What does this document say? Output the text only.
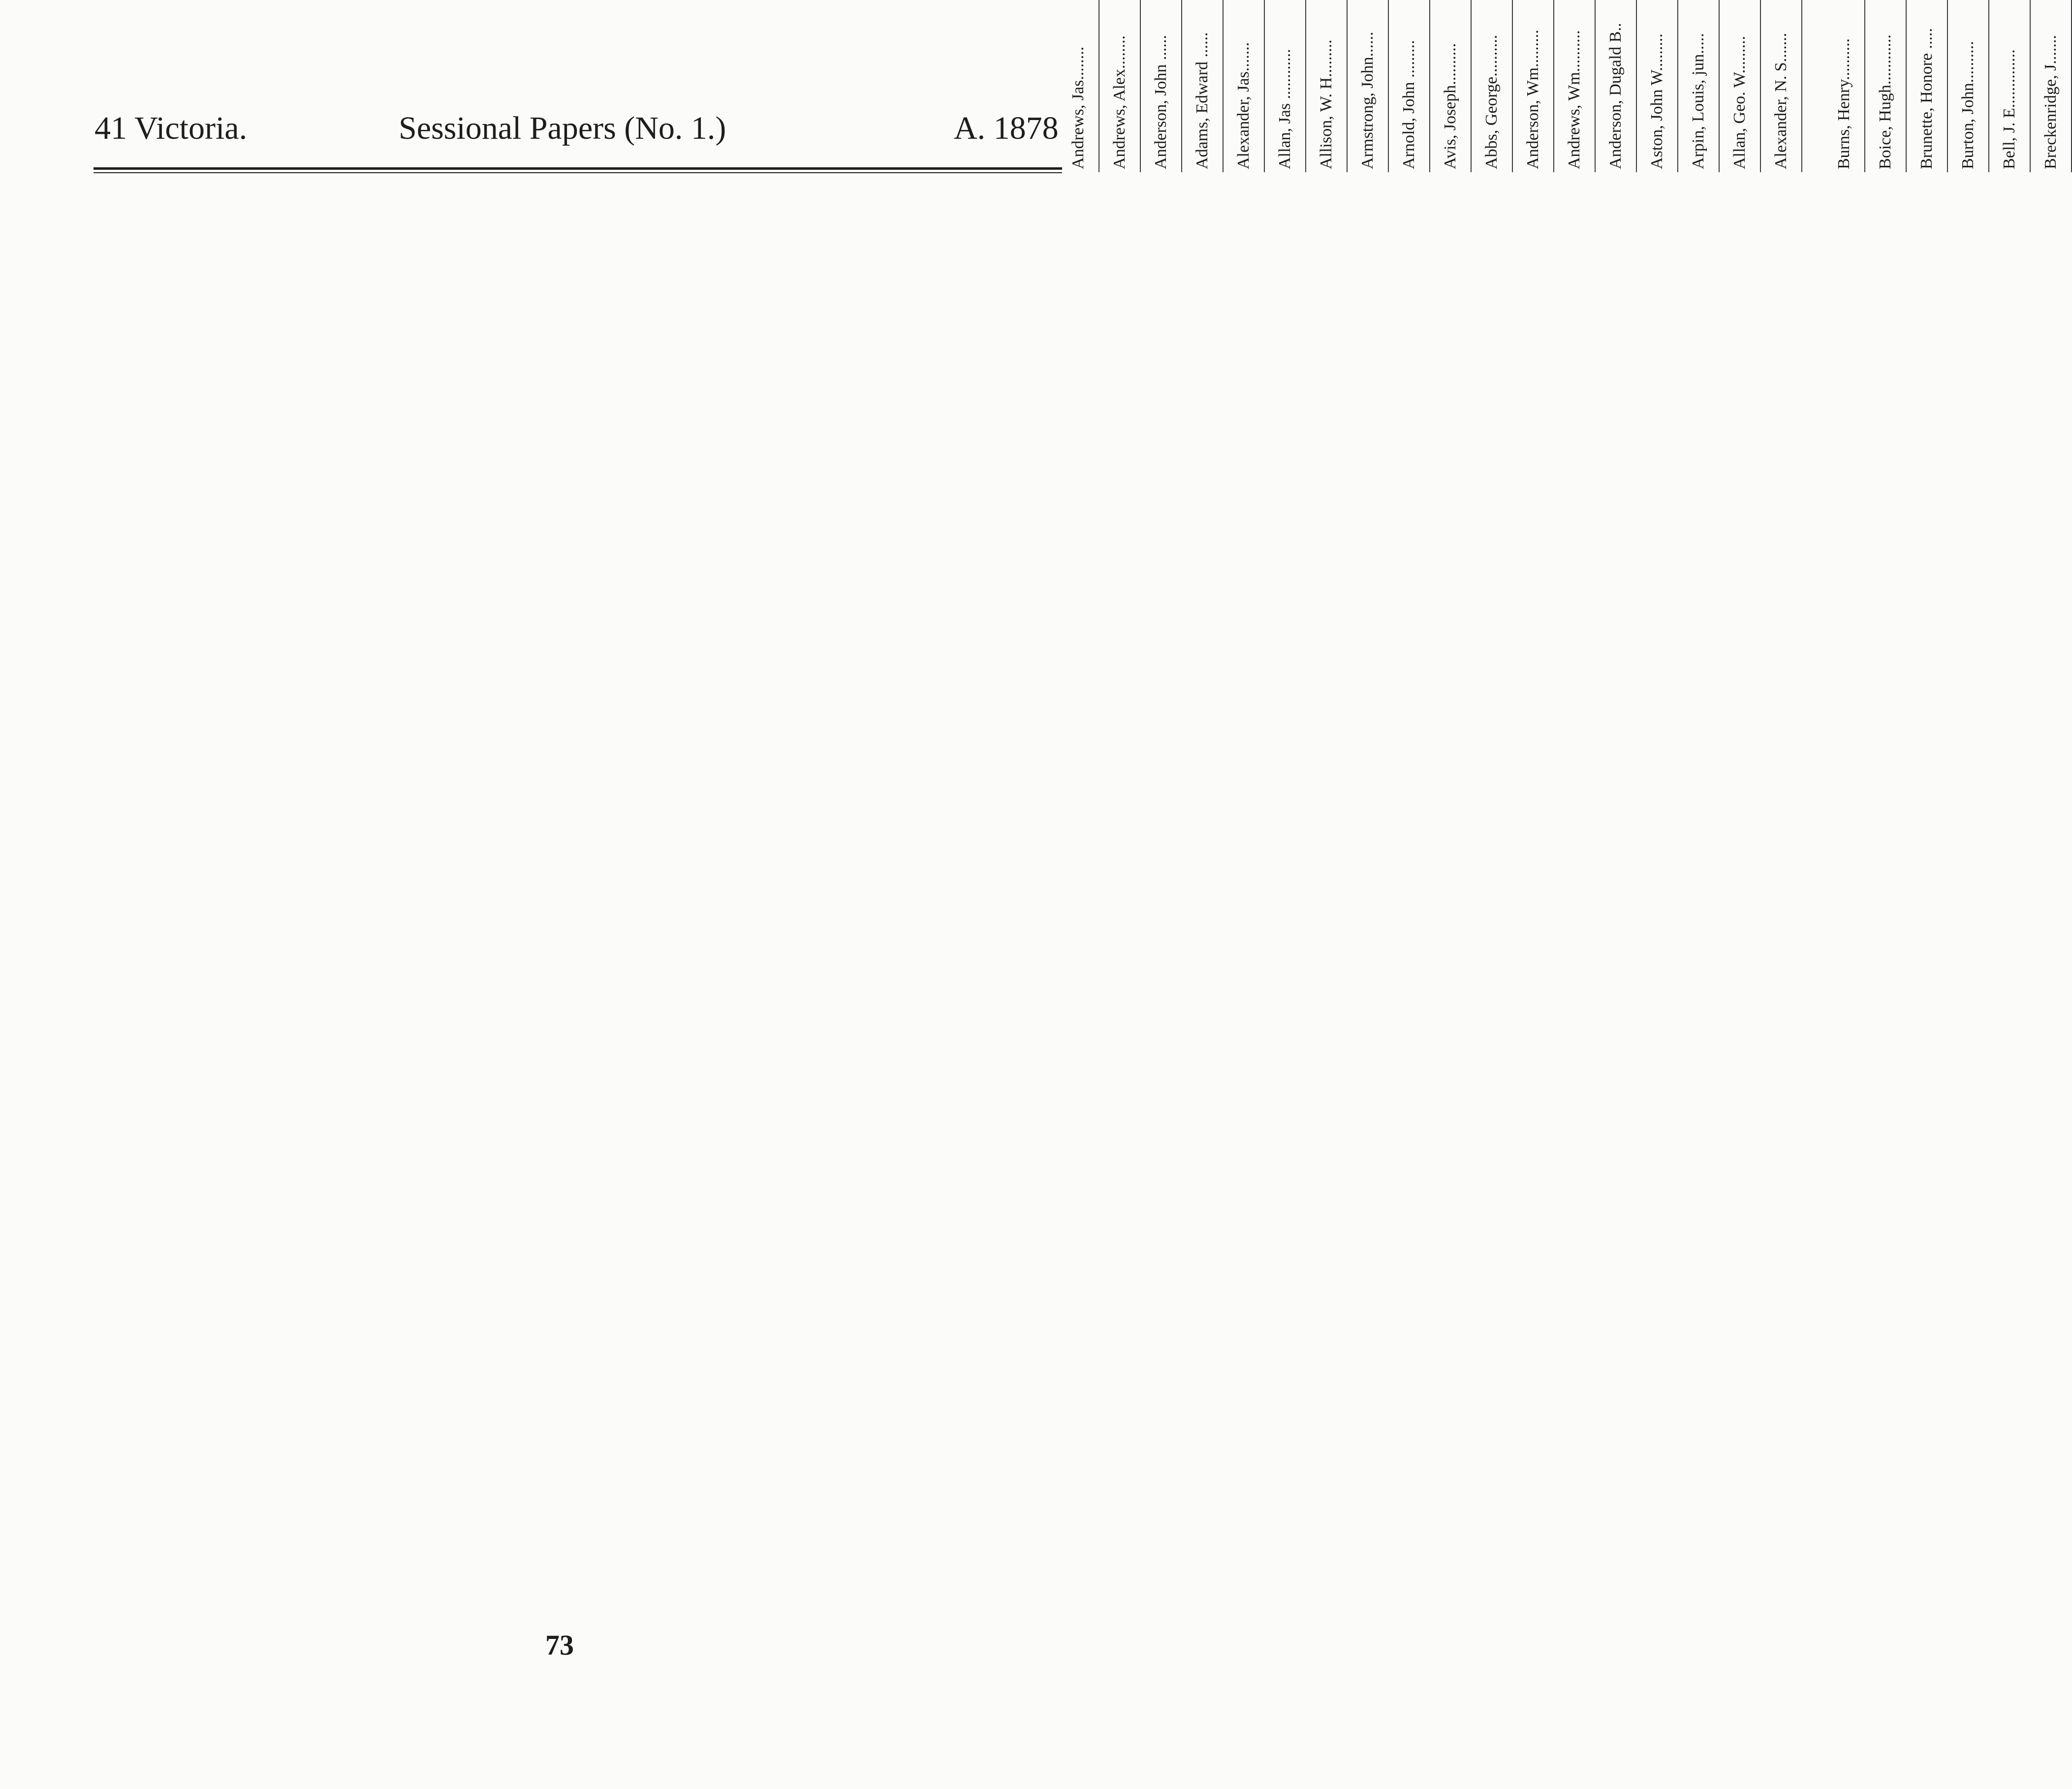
41 Victoria.	Sessional Papers (No. 1.)	A. 1878 Andrews, Jas........														
Andrews, Alex........														
Anderson, John ......														
Adams, Edward ......														
Alexander, Jas.......														
Allan, Jas ............														
Allison, W. H.........														
Armstrong, John......														
Arnold, John .........														
Avis, Joseph..........														
Abbs, George..........														
Anderson, Wm.........														
Andrews, Wm..........														
Anderson, Dugald B..														
Aston, John W.........														
Arpin, Louis, jun.....														
Allan, Geo. W.........														
Alexander, N. S.......														

Burns, Henry..........														
Boice, Hugh............														
Brunette, Honore .....														
Burton, John..........														
Bell, J. E..............														
Breckenridge, J.......														
73
